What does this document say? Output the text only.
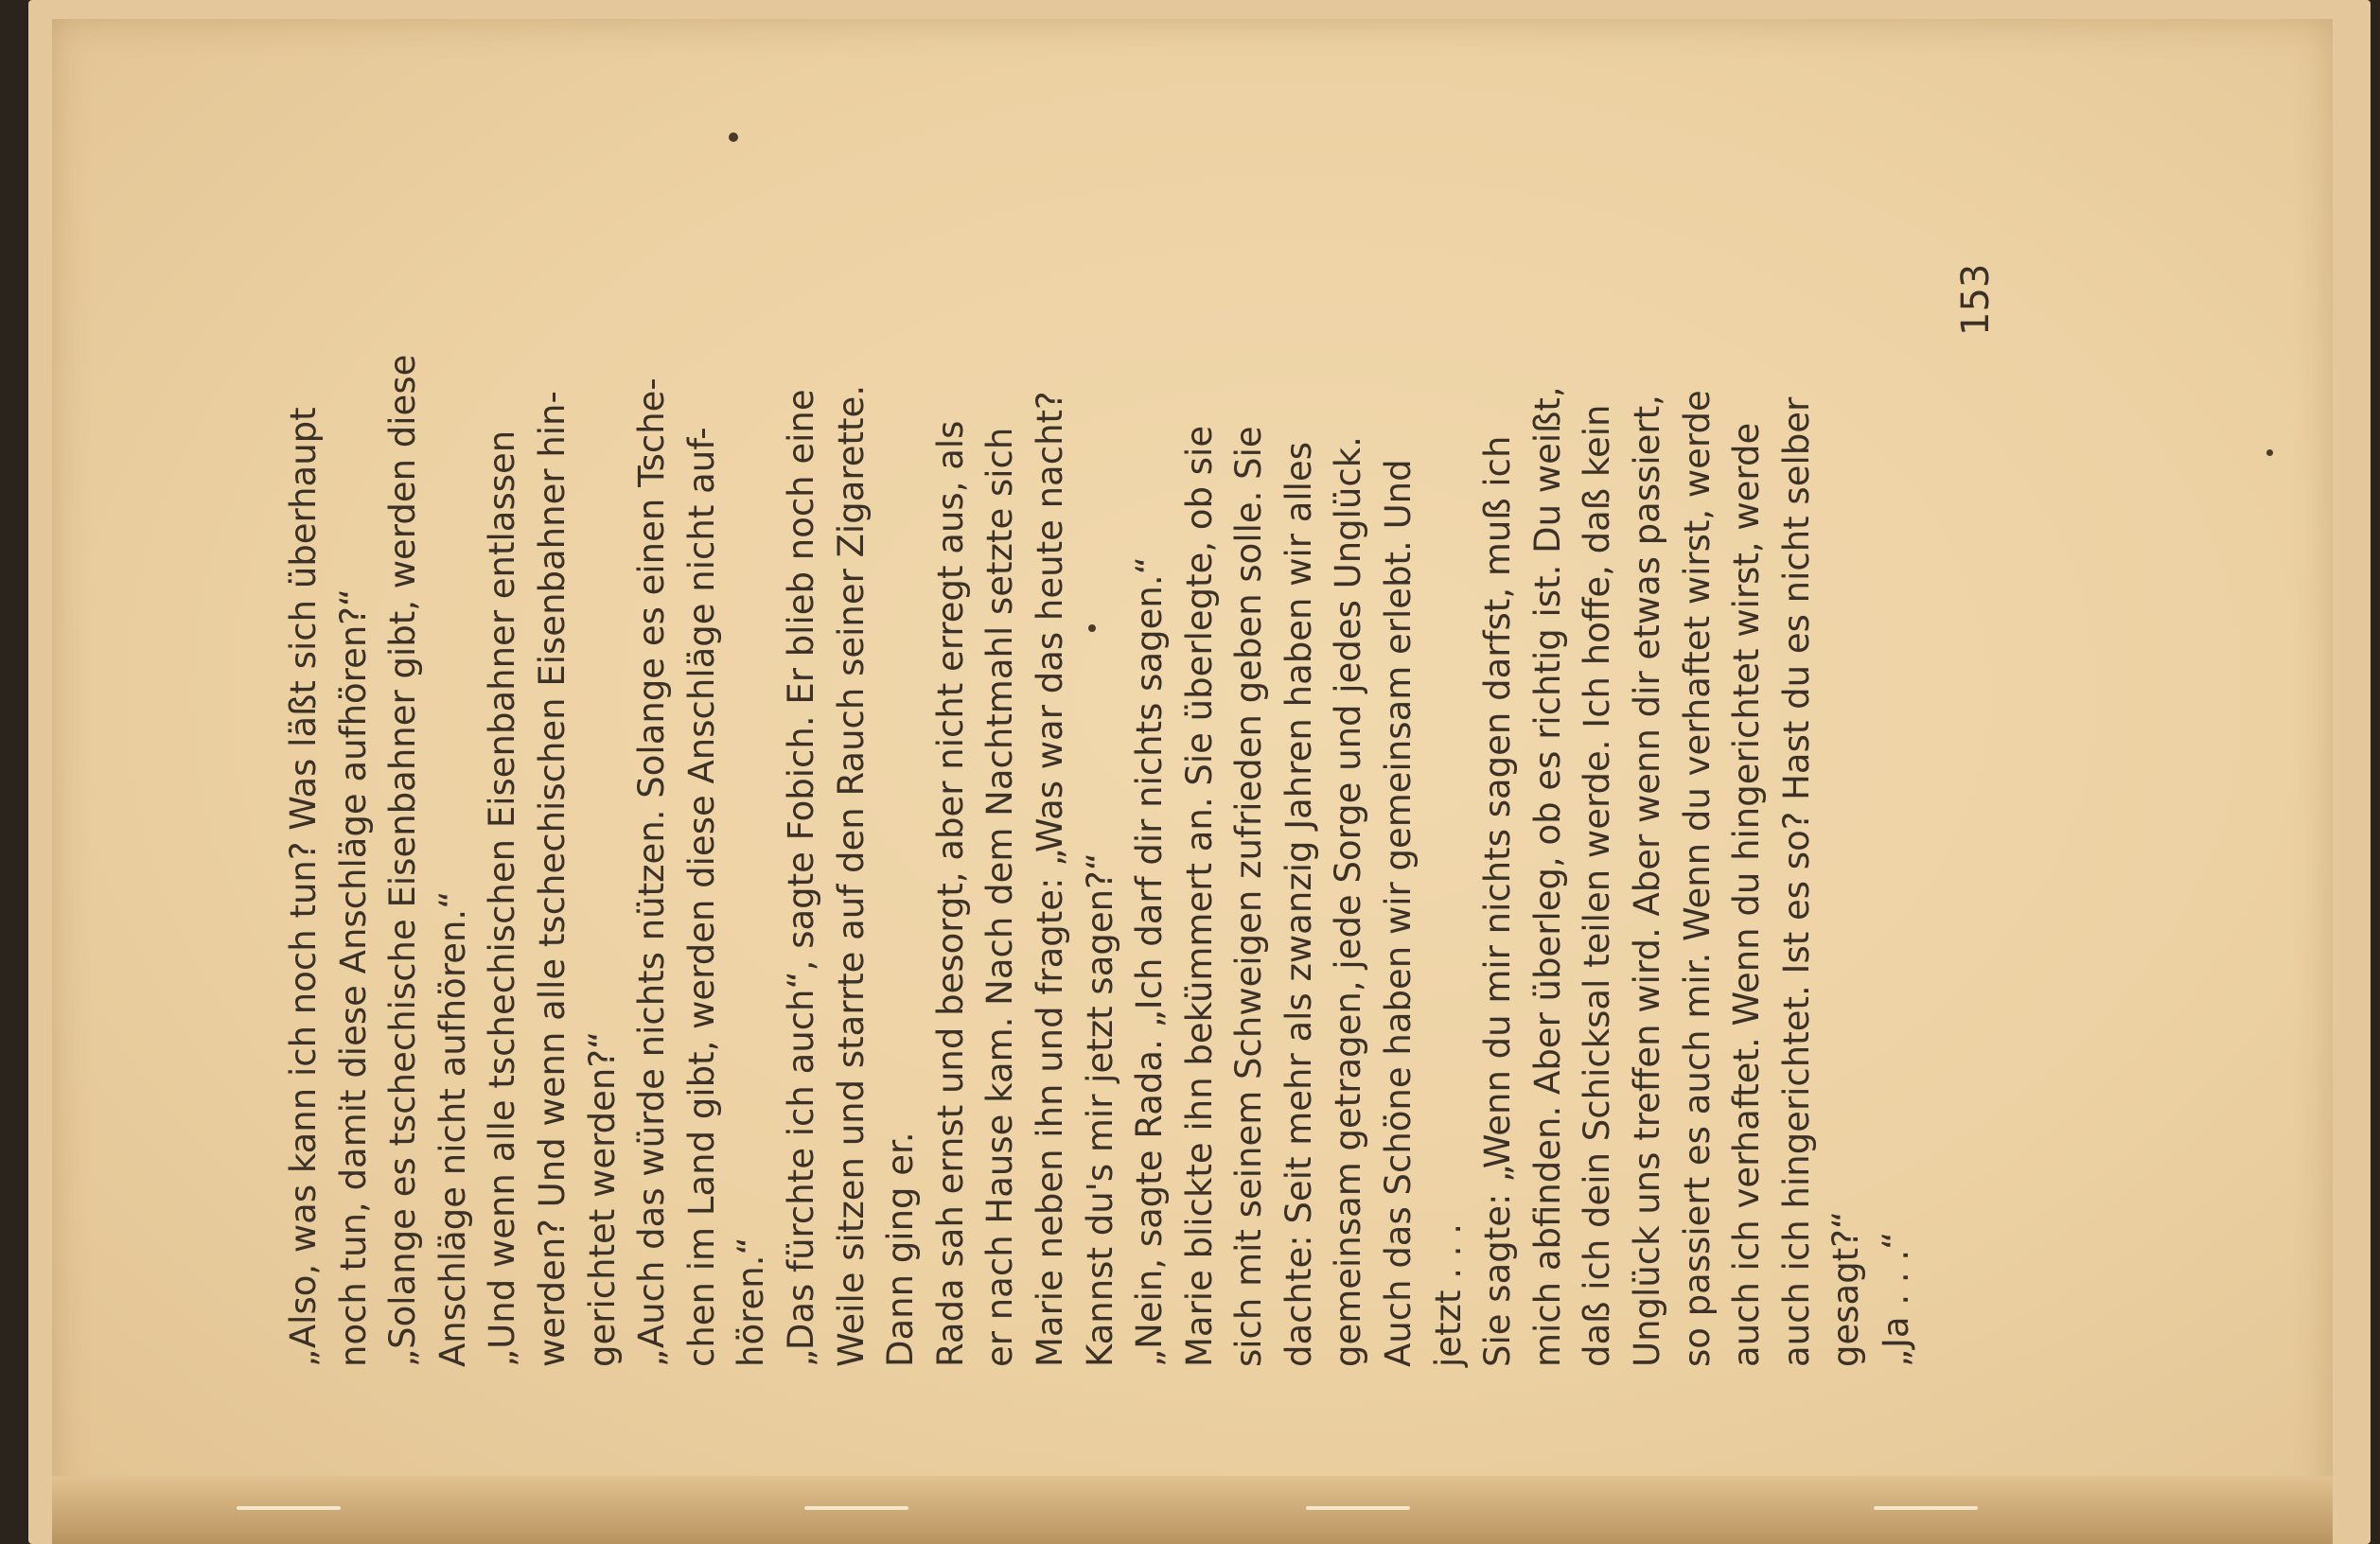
„Also, was kann ich noch tun? Was läßt sich überhaupt noch tun, damit diese Anschläge aufhören?“ „Solange es tschechische Eisenbahner gibt, werden diese Anschläge nicht aufhören.“ „Und wenn alle tschechischen Eisenbahner entlassen werden? Und wenn alle tschechischen Eisenbahner hin- gerichtet werden?“ „Auch das würde nichts nützen. Solange es einen Tsche- chen im Land gibt, werden diese Anschläge nicht auf- hören.“ „Das fürchte ich auch“, sagte Fobich. Er blieb noch eine Weile sitzen und starrte auf den Rauch seiner Zigarette. Dann ging er. Rada sah ernst und besorgt, aber nicht erregt aus, als er nach Hause kam. Nach dem Nachtmahl setzte sich Marie neben ihn und fragte: „Was war das heute nacht? Kannst du's mir jetzt sagen?“ „Nein, sagte Rada. „Ich darf dir nichts sagen.“ Marie blickte ihn bekümmert an. Sie überlegte, ob sie sich mit seinem Schweigen zufrieden geben solle. Sie dachte: Seit mehr als zwanzig Jahren haben wir alles gemeinsam getragen, jede Sorge und jedes Unglück. Auch das Schöne haben wir gemeinsam erlebt. Und jetzt . . . Sie sagte: „Wenn du mir nichts sagen darfst, muß ich mich abfinden. Aber überleg, ob es richtig ist. Du weißt, daß ich dein Schicksal teilen werde. Ich hoffe, daß kein Unglück uns treffen wird. Aber wenn dir etwas passiert, so passiert es auch mir. Wenn du verhaftet wirst, werde auch ich verhaftet. Wenn du hingerichtet wirst, werde auch ich hingerichtet. Ist es so? Hast du es nicht selber gesagt?“ „Ja . . .“
153
